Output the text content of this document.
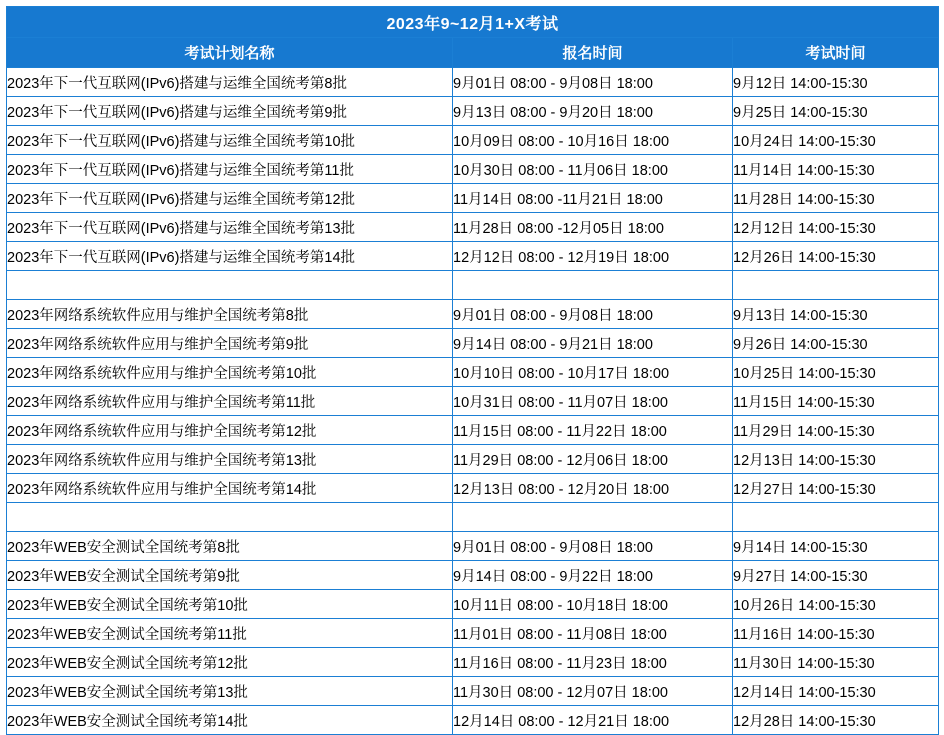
2023年9~12月1+X考试		
考试计划名称	报名时间	考试时间
2023年下一代互联网(IPv6)搭建与运维全国统考第8批	9月01日 08:00 - 9月08日 18:00	9月12日 14:00-15:30
2023年下一代互联网(IPv6)搭建与运维全国统考第9批	9月13日 08:00 - 9月20日 18:00	9月25日 14:00-15:30
2023年下一代互联网(IPv6)搭建与运维全国统考第10批	10月09日 08:00 - 10月16日 18:00	10月24日 14:00-15:30
2023年下一代互联网(IPv6)搭建与运维全国统考第11批	10月30日 08:00 - 11月06日 18:00	11月14日 14:00-15:30
2023年下一代互联网(IPv6)搭建与运维全国统考第12批	11月14日 08:00 -11月21日 18:00	11月28日 14:00-15:30
2023年下一代互联网(IPv6)搭建与运维全国统考第13批	11月28日 08:00 -12月05日 18:00	12月12日 14:00-15:30
2023年下一代互联网(IPv6)搭建与运维全国统考第14批	12月12日 08:00 - 12月19日 18:00	12月26日 14:00-15:30

2023年网络系统软件应用与维护全国统考第8批	9月01日 08:00 - 9月08日 18:00	9月13日 14:00-15:30
2023年网络系统软件应用与维护全国统考第9批	9月14日 08:00 - 9月21日 18:00	9月26日 14:00-15:30
2023年网络系统软件应用与维护全国统考第10批	10月10日 08:00 - 10月17日 18:00	10月25日 14:00-15:30
2023年网络系统软件应用与维护全国统考第11批	10月31日 08:00 - 11月07日 18:00	11月15日 14:00-15:30
2023年网络系统软件应用与维护全国统考第12批	11月15日 08:00 - 11月22日 18:00	11月29日 14:00-15:30
2023年网络系统软件应用与维护全国统考第13批	11月29日 08:00 - 12月06日 18:00	12月13日 14:00-15:30
2023年网络系统软件应用与维护全国统考第14批	12月13日 08:00 - 12月20日 18:00	12月27日 14:00-15:30

2023年WEB安全测试全国统考第8批	9月01日 08:00 - 9月08日 18:00	9月14日 14:00-15:30
2023年WEB安全测试全国统考第9批	9月14日 08:00 - 9月22日 18:00	9月27日 14:00-15:30
2023年WEB安全测试全国统考第10批	10月11日 08:00 - 10月18日 18:00	10月26日 14:00-15:30
2023年WEB安全测试全国统考第11批	11月01日 08:00 - 11月08日 18:00	11月16日 14:00-15:30
2023年WEB安全测试全国统考第12批	11月16日 08:00 - 11月23日 18:00	11月30日 14:00-15:30
2023年WEB安全测试全国统考第13批	11月30日 08:00 - 12月07日 18:00	12月14日 14:00-15:30
2023年WEB安全测试全国统考第14批	12月14日 08:00 - 12月21日 18:00	12月28日 14:00-15:30
